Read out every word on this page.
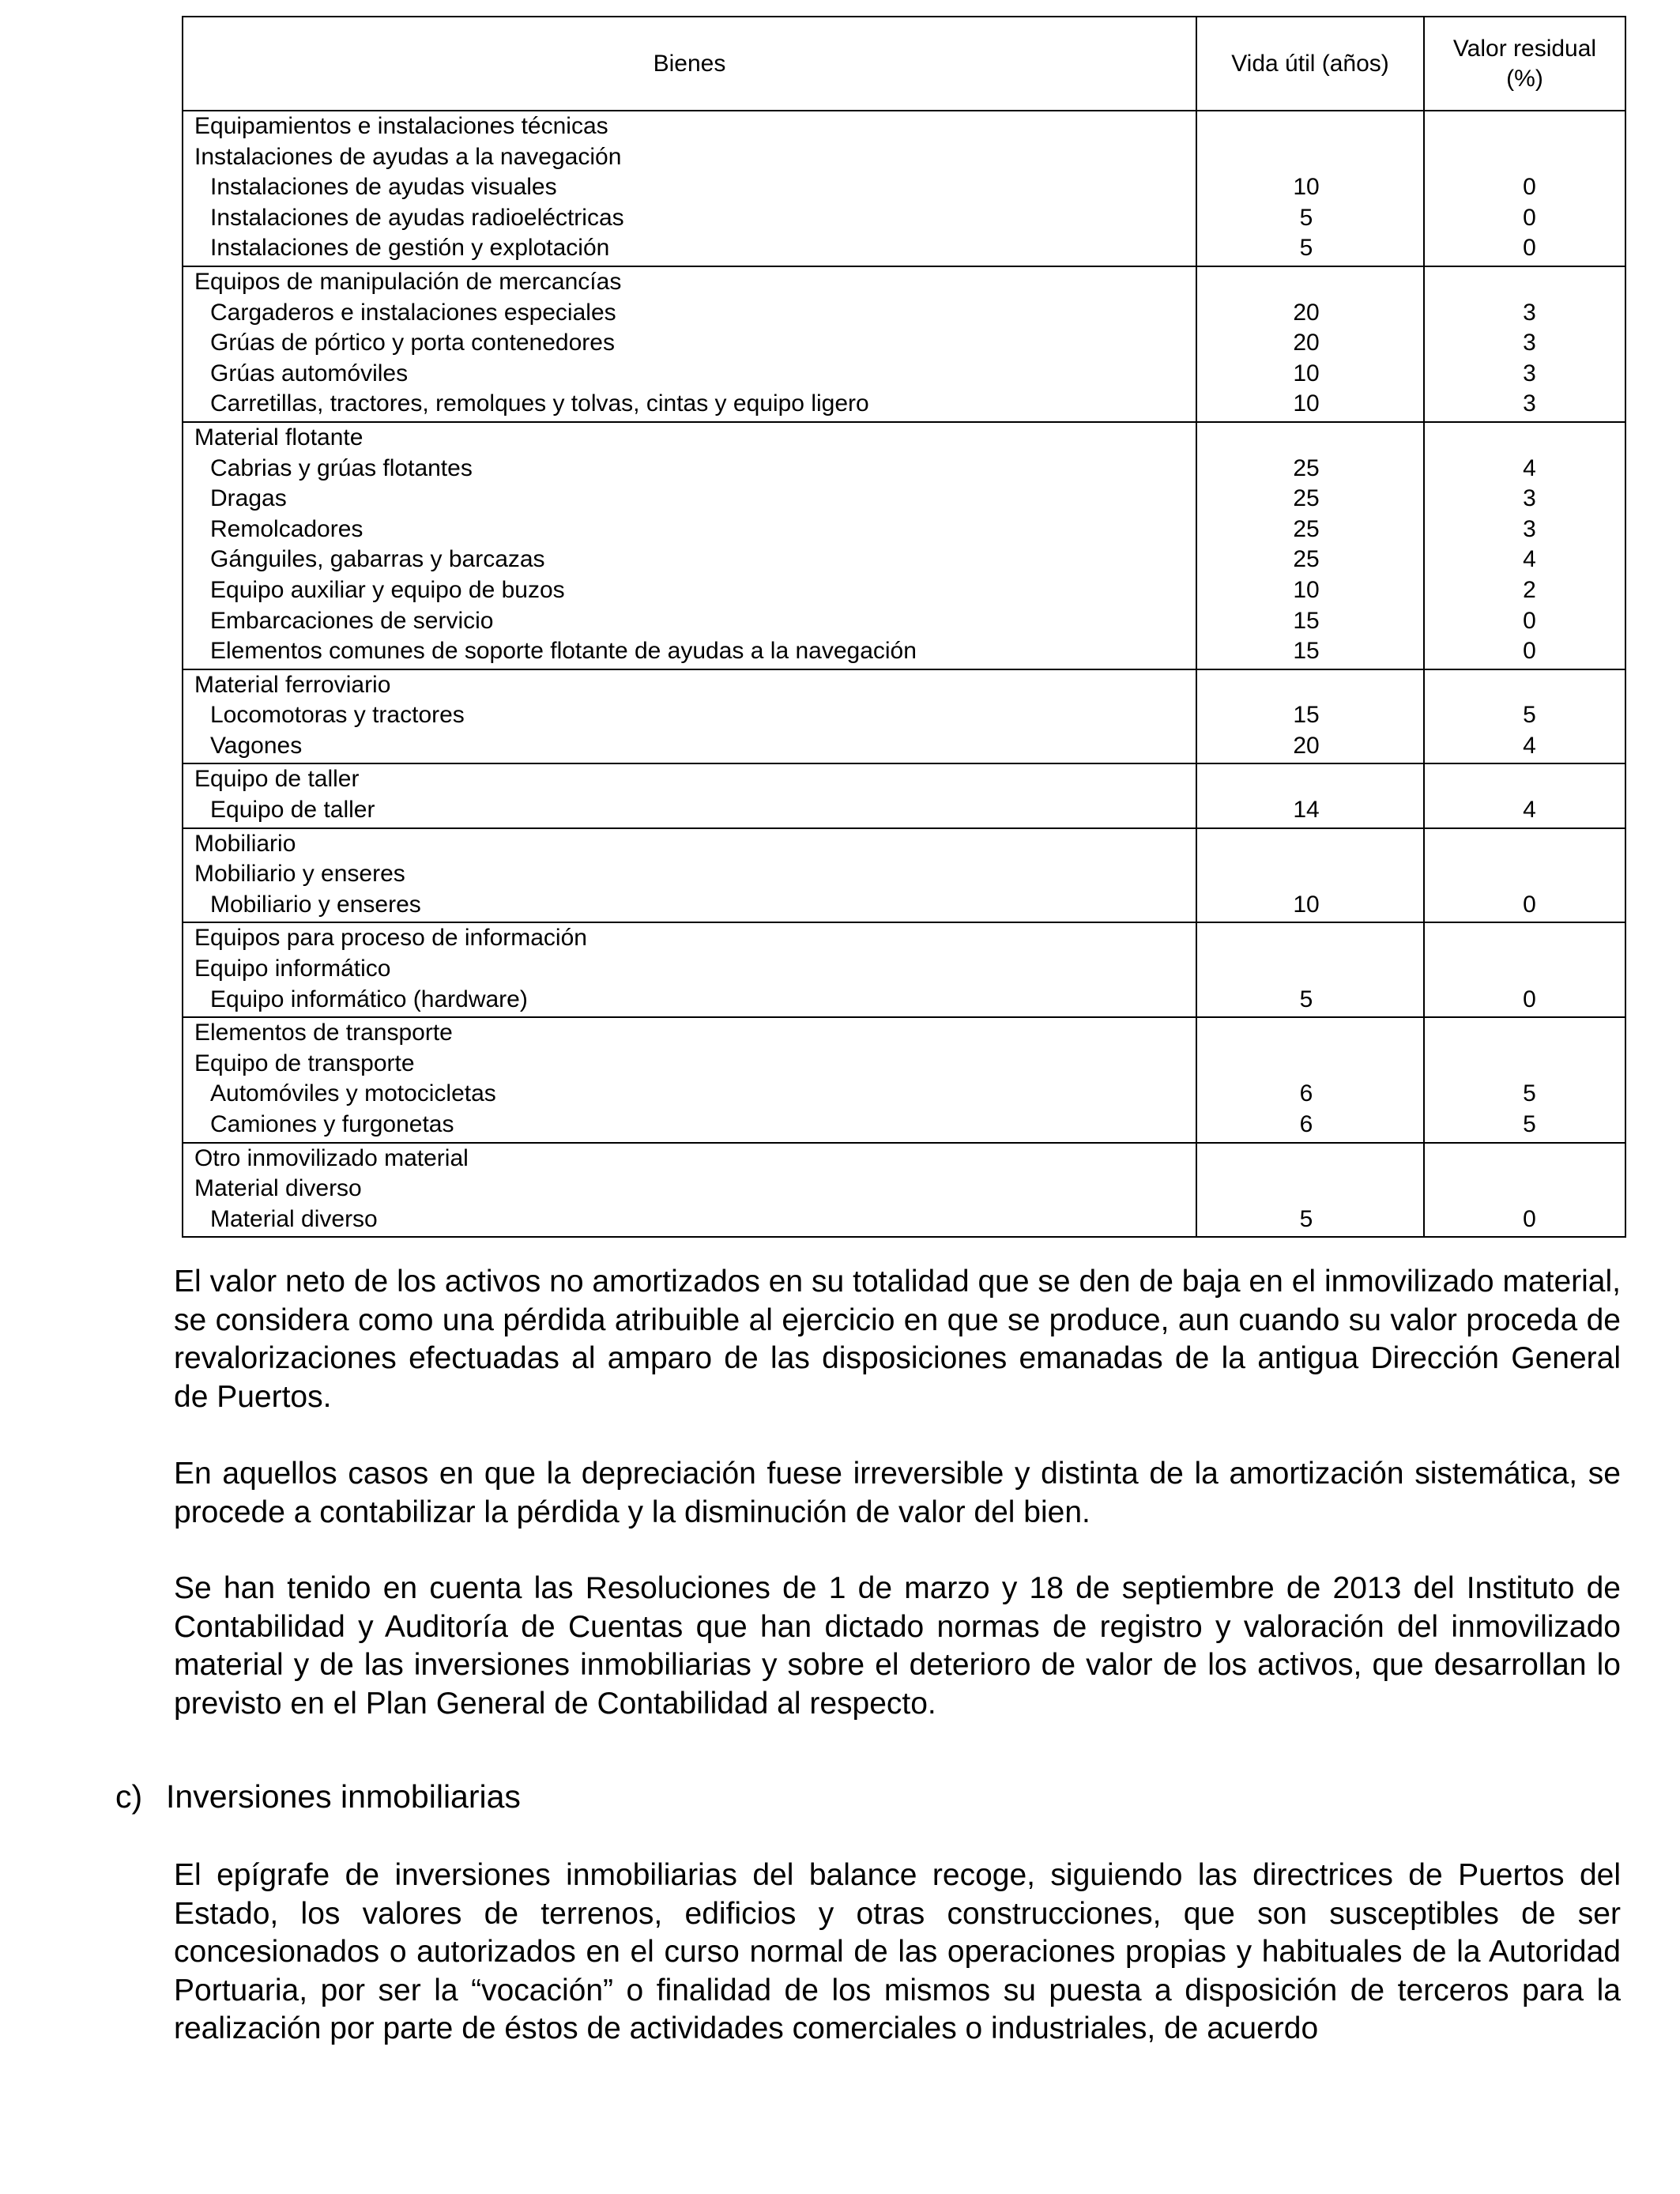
Bienes	Vida útil (años)	Valor residual
(%)
Equipamientos e instalaciones técnicas		
Instalaciones de ayudas a la navegación		
Instalaciones de ayudas visuales	10	0
Instalaciones de ayudas radioeléctricas	5	0
Instalaciones de gestión y explotación	5	0

Equipos de manipulación de mercancías		
Cargaderos e instalaciones especiales	20	3
Grúas de pórtico y porta contenedores	20	3
Grúas automóviles	10	3
Carretillas, tractores, remolques y tolvas, cintas y equipo ligero	10	3

Material flotante		
Cabrias y grúas flotantes	25	4
Dragas	25	3
Remolcadores	25	3
Gánguiles, gabarras y barcazas	25	4
Equipo auxiliar y equipo de buzos	10	2
Embarcaciones de servicio	15	0
Elementos comunes de soporte flotante de ayudas a la navegación	15	0

Material ferroviario		
Locomotoras y tractores	15	5
Vagones	20	4

Equipo de taller		
Equipo de taller	14	4

Mobiliario		
Mobiliario y enseres		
Mobiliario y enseres	10	0

Equipos para proceso de información		
Equipo informático		
Equipo informático (hardware)	5	0

Elementos de transporte		
Equipo de transporte		
Automóviles y motocicletas	6	5
Camiones y furgonetas	6	5

Otro inmovilizado material		
Material diverso		
Material diverso	5	0

El valor neto de los activos no amortizados en su totalidad que se den de baja en el inmovilizado material, se considera como una pérdida atribuible al ejercicio en que se produce, aun cuando su valor proceda de revalorizaciones efectuadas al amparo de las disposiciones emanadas de la antigua Dirección General de Puertos.

En aquellos casos en que la depreciación fuese irreversible y distinta de la amortización sistemática, se procede a contabilizar la pérdida y la disminución de valor del bien.

Se han tenido en cuenta las Resoluciones de 1 de marzo y 18 de septiembre de 2013 del Instituto de Contabilidad y Auditoría de Cuentas que han dictado normas de registro y valoración del inmovilizado material y de las inversiones inmobiliarias y sobre el deterioro de valor de los activos, que desarrollan lo previsto en el Plan General de Contabilidad al respecto.

c) Inversiones inmobiliarias

El epígrafe de inversiones inmobiliarias del balance recoge, siguiendo las directrices de Puertos del Estado, los valores de terrenos, edificios y otras construcciones, que son susceptibles de ser concesionados o autorizados en el curso normal de las operaciones propias y habituales de la Autoridad Portuaria, por ser la “vocación” o finalidad de los mismos su puesta a disposición de terceros para la realización por parte de éstos de actividades comerciales o industriales, de acuerdo
